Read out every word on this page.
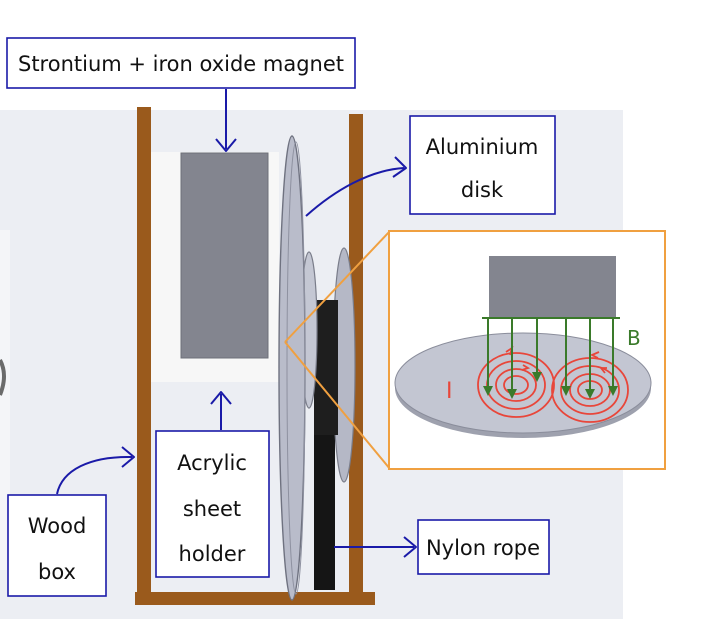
B
I
Strontium + iron oxide magnet
Aluminium
disk
Acrylic
sheet
holder
Wood
box
Nylon rope
